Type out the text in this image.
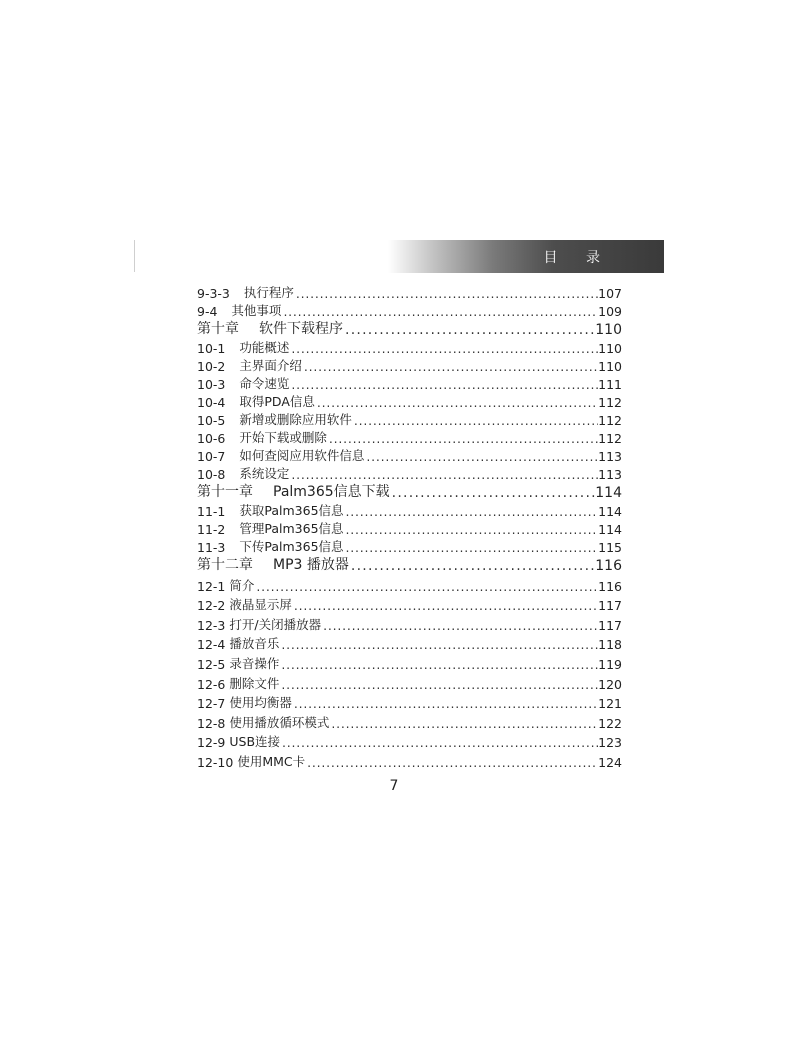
目 录
9-3-3 执行程序 . . .	107
9-4 其他事项 . . .	109
第十章 软件下载程序 . . .	110
10-1 功能概述 . . .	110
10-2 主界面介绍 . . .	110
10-3 命令速览 . . .	111
10-4 取得PDA信息 . . .	112
10-5 新增或删除应用软件 . . .	112
10-6 开始下载或删除 . . .	112
10-7 如何查阅应用软件信息 . . .	113
10-8 系统设定 . . .	113
第十一章 Palm365信息下载 . . .	114
11-1 获取Palm365信息 . . .	114
11-2 管理Palm365信息 . . .	114
11-3 下传Palm365信息 . . .	115
第十二章 MP3 播放器 . . .	116
12-1 简介 . . .	116
12-2 液晶显示屏 . . .	117
12-3 打开/关闭播放器 . . .	117
12-4 播放音乐 . . .	118
12-5 录音操作 . . .	119
12-6 删除文件 . . .	120
12-7 使用均衡器 . . .	121
12-8 使用播放循环模式 . . .	122
12-9 USB连接 . . .	123
12-10 使用MMC卡 . . .	124
7
